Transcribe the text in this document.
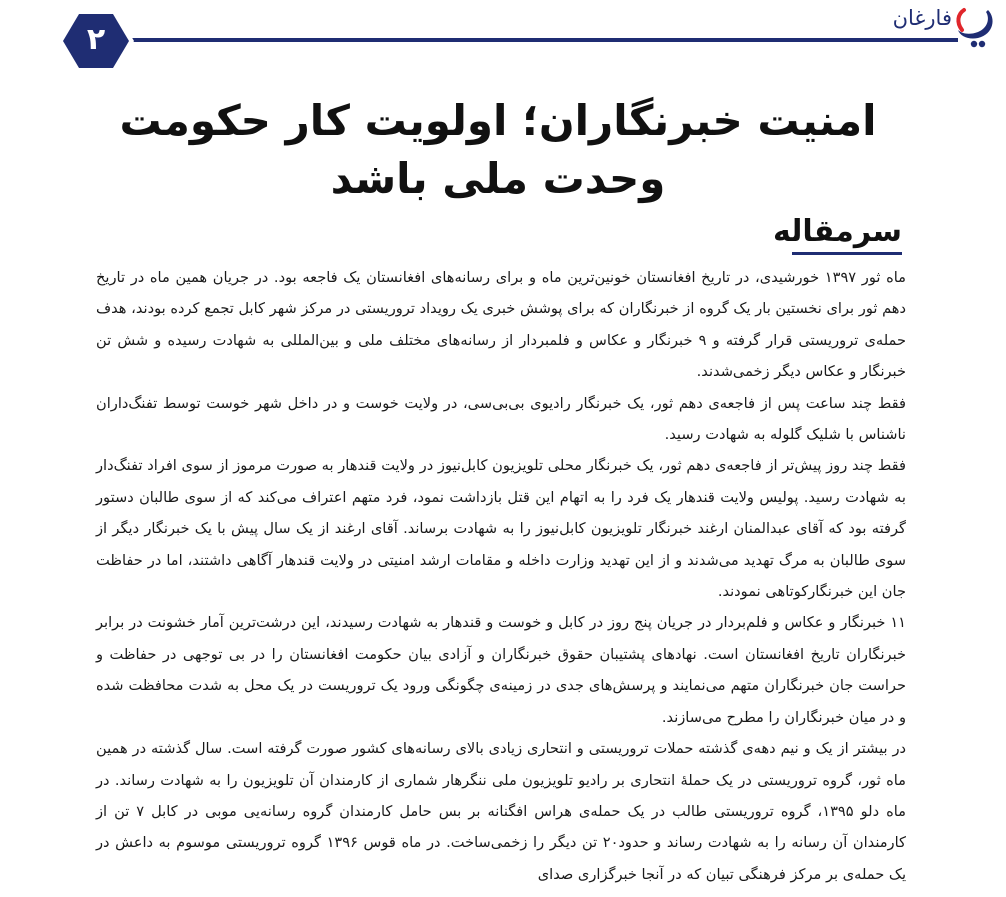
۲
فارغان
امنیت خبرنگاران؛ اولویت کار حکومت وحدت ملی باشد
سرمقاله

ماه ثور ۱۳۹۷ خورشیدی، در تاریخ افغانستان خونین‌ترین ماه و برای رسانه‌های افغانستان یک فاجعه بود. در جریان همین ماه در تاریخ دهم ثور برای نخستین بار یک گروه از خبرنگاران که برای پوشش خبری یک رویداد تروریستی در مرکز شهر کابل تجمع کرده بودند، هدف حمله‌ی تروریستی قرار گرفته و ۹ خبرنگار و عکاس و فلمبردار از رسانه‌های مختلف ملی و بین‌المللی به شهادت رسیده و شش تن خبرنگار و عکاس دیگر زخمی‌شدند.

فقط چند ساعت پس از فاجعه‌ی دهم ثور، یک خبرنگار رادیوی بی‌بی‌سی، در ولایت خوست و در داخل شهر خوست توسط تفنگ‌داران ناشناس با شلیک گلوله به شهادت رسید.

فقط چند روز پیش‌تر از فاجعه‌ی دهم ثور، یک خبرنگار محلی تلویزیون کابل‌نیوز در ولایت قندهار به صورت مرموز از سوی افراد تفنگ‌دار به شهادت رسید. پولیس ولایت قندهار یک فرد را به اتهام این قتل بازداشت نمود، فرد متهم اعتراف می‌کند که از سوی طالبان دستور گرفته بود که آقای عبدالمنان ارغند خبرنگار تلویزیون کابل‌نیوز را به شهادت برساند. آقای ارغند از یک سال پیش با یک خبرنگار دیگر از سوی طالبان به مرگ تهدید می‌شدند و از این تهدید وزارت داخله و مقامات ارشد امنیتی در ولایت قندهار آگاهی داشتند، اما در حفاظت جان این خبرنگارکوتاهی نمودند.

۱۱ خبرنگار و عکاس و فلم‌بردار در جریان پنج روز در کابل و خوست و قندهار به شهادت رسیدند، این درشت‌ترین آمار خشونت در برابر خبرنگاران تاریخ افغانستان است. نهادهای پشتیبان حقوق خبرنگاران و آزادی بیان حکومت افغانستان را در بی توجهی در حفاظت و حراست جان خبرنگاران متهم می‌نمایند و پرسش‌های جدی در زمینه‌ی چگونگی ورود یک تروریست در یک محل به شدت محافظت شده و در میان خبرنگاران را مطرح می‌سازند.

در بیشتر از یک و نیم دهه‌ی گذشته حملات تروریستی و انتحاری زیادی بالای رسانه‌های کشور صورت گرفته است. سال گذشته در همین ماه ثور، گروه تروریستی در یک حملهٔ انتحاری بر رادیو تلویزیون ملی ننگرهار شماری از کارمندان آن تلویزیون را به شهادت رساند. در ماه دلو ۱۳۹۵، گروه تروریستی طالب در یک حمله‌ی هراس افگنانه بر بس حامل کارمندان گروه رسانه‌یی موبی در کابل ۷ تن از کارمندان آن رسانه را به شهادت رساند و حدود۲۰ تن دیگر را زخمی‌ساخت. در ماه قوس ۱۳۹۶ گروه تروریستی موسوم به داعش در یک حمله‌ی بر مرکز فرهنگی تبیان که در آنجا خبرگزاری صدای
